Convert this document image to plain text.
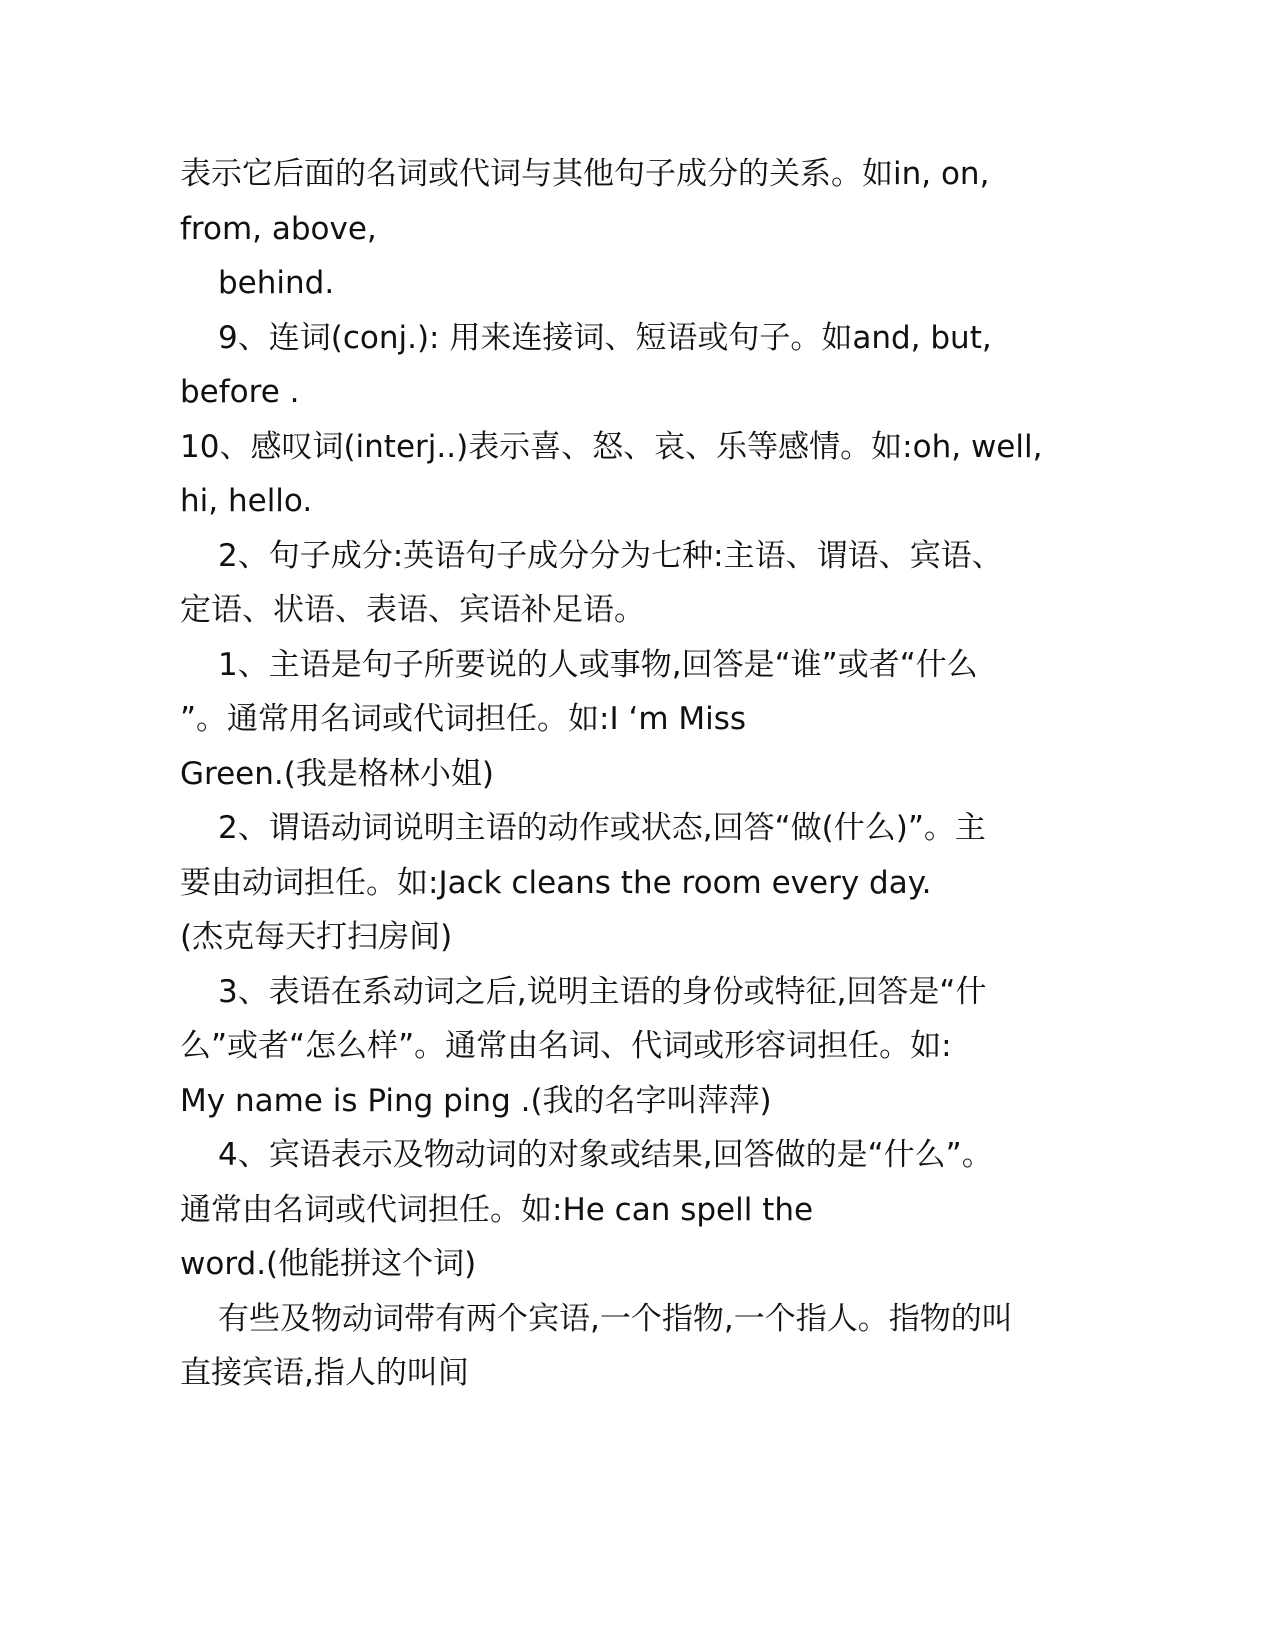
表示它后面的名词或代词与其他句子成分的关系。如in, on,
from, above,
behind.
9、连词(conj.): 用来连接词、短语或句子。如and, but,
before .
10、感叹词(interj..)表示喜、怒、哀、乐等感情。如:oh, well,
hi, hello.
2、句子成分:英语句子成分分为七种:主语、谓语、宾语、
定语、状语、表语、宾语补足语。
1、主语是句子所要说的人或事物,回答是“谁”或者“什么
”。通常用名词或代词担任。如:I ‘m Miss
Green.(我是格林小姐)
2、谓语动词说明主语的动作或状态,回答“做(什么)”。主
要由动词担任。如:Jack cleans the room every day.
(杰克每天打扫房间)
3、表语在系动词之后,说明主语的身份或特征,回答是“什
么”或者“怎么样”。通常由名词、代词或形容词担任。如:
My name is Ping ping .(我的名字叫萍萍)
4、宾语表示及物动词的对象或结果,回答做的是“什么”。
通常由名词或代词担任。如:He can spell the
word.(他能拼这个词)
有些及物动词带有两个宾语,一个指物,一个指人。指物的叫
直接宾语,指人的叫间
